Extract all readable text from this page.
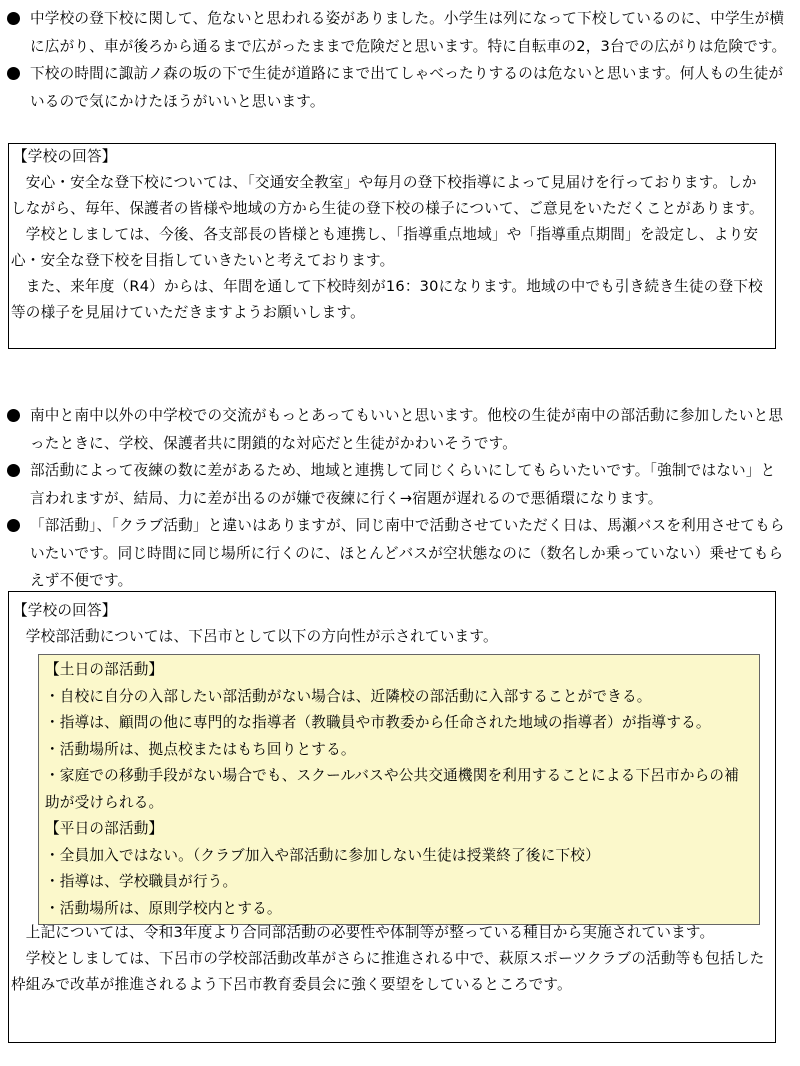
中学校の登下校に関して、危ないと思われる姿がありました。小学生は列になって下校しているのに、中学生が横に広がり、車が後ろから通るまで広がったままで危険だと思います。特に自転車の2，3台での広がりは危険です。
下校の時間に諏訪ノ森の坂の下で生徒が道路にまで出てしゃべったりするのは危ないと思います。何人もの生徒がいるので気にかけたほうがいいと思います。
【学校の回答】

　安心・安全な登下校については、「交通安全教室」や毎月の登下校指導によって見届けを行っております。しかしながら、毎年、保護者の皆様や地域の方から生徒の登下校の様子について、ご意見をいただくことがあります。

　学校としましては、今後、各支部長の皆様とも連携し、「指導重点地域」や「指導重点期間」を設定し、より安心・安全な登下校を目指していきたいと考えております。

　また、来年度（R4）からは、年間を通して下校時刻が16：30になります。地域の中でも引き続き生徒の登下校等の様子を見届けていただきますようお願いします。

南中と南中以外の中学校での交流がもっとあってもいいと思います。他校の生徒が南中の部活動に参加したいと思ったときに、学校、保護者共に閉鎖的な対応だと生徒がかわいそうです。
部活動によって夜練の数に差があるため、地域と連携して同じくらいにしてもらいたいです。「強制ではない」と言われますが、結局、力に差が出るのが嫌で夜練に行く→宿題が遅れるので悪循環になります。
「部活動」、「クラブ活動」と違いはありますが、同じ南中で活動させていただく日は、馬瀬バスを利用させてもらいたいです。同じ時間に同じ場所に行くのに、ほとんどバスが空状態なのに（数名しか乗っていない）乗せてもらえず不便です。
【学校の回答】

　学校部活動については、下呂市として以下の方向性が示されています。

【土日の部活動】
・自校に自分の入部したい部活動がない場合は、近隣校の部活動に入部することができる。
・指導は、顧問の他に専門的な指導者（教職員や市教委から任命された地域の指導者）が指導する。
・活動場所は、拠点校またはもち回りとする。
・家庭での移動手段がない場合でも、スクールバスや公共交通機関を利用することによる下呂市からの補助が受けられる。
【平日の部活動】
・全員加入ではない。（クラブ加入や部活動に参加しない生徒は授業終了後に下校）
・指導は、学校職員が行う。
・活動場所は、原則学校内とする。

　上記については、令和3年度より合同部活動の必要性や体制等が整っている種目から実施されています。

　学校としましては、下呂市の学校部活動改革がさらに推進される中で、萩原スポーツクラブの活動等も包括した枠組みで改革が推進されるよう下呂市教育委員会に強く要望をしているところです。
